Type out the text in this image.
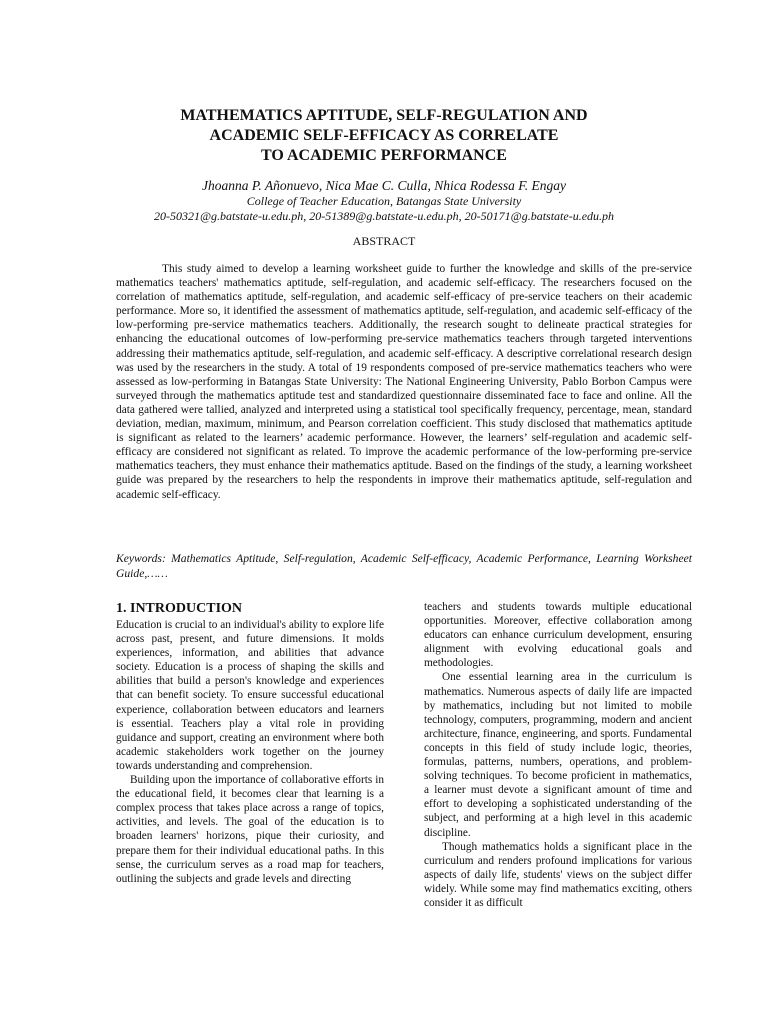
MATHEMATICS APTITUDE, SELF-REGULATION AND
ACADEMIC SELF-EFFICACY AS CORRELATE
TO ACADEMIC PERFORMANCE
Jhoanna P. Añonuevo, Nica Mae C. Culla, Nhica Rodessa F. Engay
College of Teacher Education, Batangas State University
20-50321@g.batstate-u.edu.ph, 20-51389@g.batstate-u.edu.ph, 20-50171@g.batstate-u.edu.ph
ABSTRACT

This study aimed to develop a learning worksheet guide to further the knowledge and skills of the pre-service mathematics teachers' mathematics aptitude, self-regulation, and academic self-efficacy. The researchers focused on the correlation of mathematics aptitude, self-regulation, and academic self-efficacy of pre-service teachers on their academic performance. More so, it identified the assessment of mathematics aptitude, self-regulation, and academic self-efficacy of the low-performing pre-service mathematics teachers. Additionally, the research sought to delineate practical strategies for enhancing the educational outcomes of low-performing pre-service mathematics teachers through targeted interventions addressing their mathematics aptitude, self-regulation, and academic self-efficacy. A descriptive correlational research design was used by the researchers in the study. A total of 19 respondents composed of pre-service mathematics teachers who were assessed as low-performing in Batangas State University: The National Engineering University, Pablo Borbon Campus were surveyed through the mathematics aptitude test and standardized questionnaire disseminated face to face and online. All the data gathered were tallied, analyzed and interpreted using a statistical tool specifically frequency, percentage, mean, standard deviation, median, maximum, minimum, and Pearson correlation coefficient. This study disclosed that mathematics aptitude is significant as related to the learners’ academic performance. However, the learners’ self-regulation and academic self-efficacy are considered not significant as related. To improve the academic performance of the low-performing pre-service mathematics teachers, they must enhance their mathematics aptitude. Based on the findings of the study, a learning worksheet guide was prepared by the researchers to help the respondents in improve their mathematics aptitude, self-regulation and academic self-efficacy.

Keywords: Mathematics Aptitude, Self-regulation, Academic Self-efficacy, Academic Performance, Learning Worksheet Guide,……

1. INTRODUCTION

Education is crucial to an individual's ability to explore life across past, present, and future dimensions. It molds experiences, information, and abilities that advance society. Education is a process of shaping the skills and abilities that build a person's knowledge and experiences that can benefit society. To ensure successful educational experience, collaboration between educators and learners is essential. Teachers play a vital role in providing guidance and support, creating an environment where both academic stakeholders work together on the journey towards understanding and comprehension.

Building upon the importance of collaborative efforts in the educational field, it becomes clear that learning is a complex process that takes place across a range of topics, activities, and levels. The goal of the education is to broaden learners' horizons, pique their curiosity, and prepare them for their individual educational paths. In this sense, the curriculum serves as a road map for teachers, outlining the subjects and grade levels and directing

teachers and students towards multiple educational opportunities. Moreover, effective collaboration among educators can enhance curriculum development, ensuring alignment with evolving educational goals and methodologies.

One essential learning area in the curriculum is mathematics. Numerous aspects of daily life are impacted by mathematics, including but not limited to mobile technology, computers, programming, modern and ancient architecture, finance, engineering, and sports. Fundamental concepts in this field of study include logic, theories, formulas, patterns, numbers, operations, and problem-solving techniques. To become proficient in mathematics, a learner must devote a significant amount of time and effort to developing a sophisticated understanding of the subject, and performing at a high level in this academic discipline.

Though mathematics holds a significant place in the curriculum and renders profound implications for various aspects of daily life, students' views on the subject differ widely. While some may find mathematics exciting, others consider it as difficult
